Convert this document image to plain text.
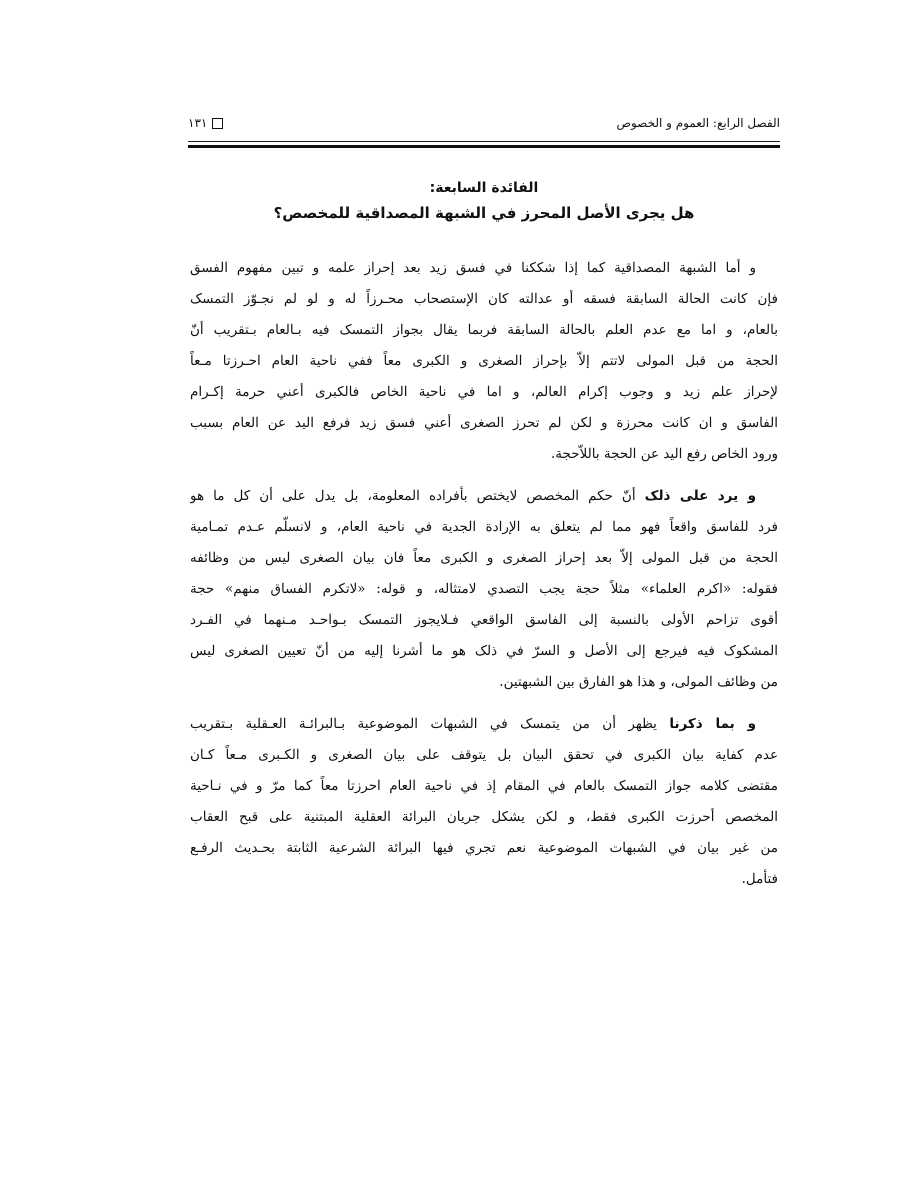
الفصل الرابع: العموم و الخصوص
١٣١
الفائدة السابعة:
هل يجرى الأصل المحرز في الشبهة المصداقية للمخصص؟
و أما الشبهة المصداقية كما إذا شككنا في فسق زيد بعد إحراز علمه و تبين مفهوم الفسق
فإن كانت الحالة السابقة فسقه أو عدالته كان الإستصحاب محـرزاً له و لو لم نجـوّز التمسک
بالعام، و اما مع عدم العلم بالحالة السابقة فربما يقال بجواز التمسک فيه بـالعام بـتقريب أنّ
الحجة من قبل المولى لاتتم إلاّ بإحراز الصغرى و الكبرى معاً ففي ناحية العام احـرزتا مـعاً
لإحراز علم زيد و وجوب إكرام العالم، و اما في ناحية الخاص فالكبرى أعني حرمة إكـرام
الفاسق و ان كانت محرزة و لكن لم تحرز الصغرى أعني فسق زيد فرفع اليد عن العام بسبب
ورود الخاص رفع اليد عن الحجة باللاّحجة.
و يرد على ذلک أنّ حكم المخصص لايختص بأفراده المعلومة، بل يدل على أن كل ما هو
فرد للفاسق واقعاً فهو مما لم يتعلق به الإرادة الجدية في ناحية العام، و لانسلّم عـدم تمـامية
الحجة من قبل المولى إلاّ بعد إحراز الصغرى و الكبرى معاً فان بيان الصغرى ليس من وظائفه
فقوله: «اكرم العلماء» مثلاً حجة يجب التصدي لامتثاله، و قوله: «لاتكرم الفساق منهم» حجة
أقوى تزاحم الأولى بالنسبة إلى الفاسق الواقعي فـلايجوز التمسک بـواحـد مـنهما في الفـرد
المشكوک فيه فيرجع إلى الأصل و السرّ في ذلک هو ما أشرنا إليه من أنّ تعيين الصغرى ليس
من وظائف المولى، و هذا هو الفارق بين الشبهتين.
و بما ذكرنا يظهر أن من يتمسک في الشبهات الموضوعية بـالبرائـة العـقلية بـتقريب
عدم كفاية بيان الكبرى في تحقق البيان بل يتوقف على بيان الصغرى و الكـبرى مـعاً كـان
مقتضى كلامه جواز التمسک بالعام في المقام إذ في ناحية العام احرزتا معاً كما مرّ و في نـاحية
المخصص أحرزت الكبرى فقط، و لكن يشكل جريان البرائة العقلية المبتنية على قبح العقاب
من غير بيان في الشبهات الموضوعية نعم تجري فيها البرائة الشرعية الثابتة بحـديث الرفـع
فتأمل.
